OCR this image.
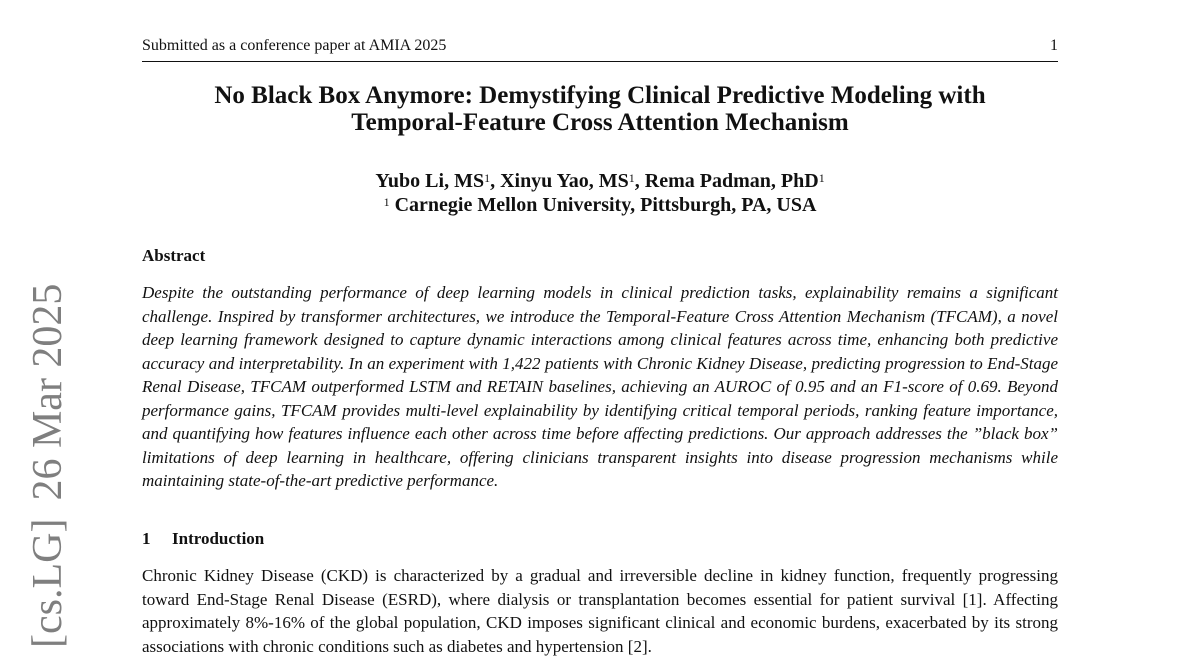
Submitted as a conference paper at AMIA 2025	1
No Black Box Anymore: Demystifying Clinical Predictive Modeling with
Temporal-Feature Cross Attention Mechanism
Yubo Li, $MS^1$, Xinyu Yao, $MS^1$, Rema Padman, PhD$^1$
$^1$ Carnegie Mellon University, Pittsburgh, PA, USA
Abstract
Despite the outstanding performance of deep learning models in clinical prediction tasks, explainability remains a significant challenge. Inspired by transformer architectures, we introduce the Temporal-Feature Cross Attention Mechanism (TFCAM), a novel deep learning framework designed to capture dynamic interactions among clinical features across time, enhancing both predictive accuracy and interpretability. In an experiment with 1,422 patients with Chronic Kidney Disease, predicting progression to End-Stage Renal Disease, TFCAM outperformed LSTM and RETAIN baselines, achieving an AUROC of 0.95 and an F1-score of 0.69. Beyond performance gains, TFCAM provides multi-level explainability by identifying critical temporal periods, ranking feature importance, and quantifying how features influence each other across time before affecting predictions. Our approach addresses the ”black box” limitations of deep learning in healthcare, offering clinicians transparent insights into disease progression mechanisms while maintaining state-of-the-art predictive performance.
1 Introduction
Chronic Kidney Disease (CKD) is characterized by a gradual and irreversible decline in kidney function, frequently progressing toward End-Stage Renal Disease (ESRD), where dialysis or transplantation becomes essential for patient survival [1]. Affecting approximately 8%-16% of the global population, CKD imposes significant clinical and economic burdens, exacerbated by its strong associations with chronic conditions such as diabetes and hypertension [2].
[cs.LG]26 Mar 2025
